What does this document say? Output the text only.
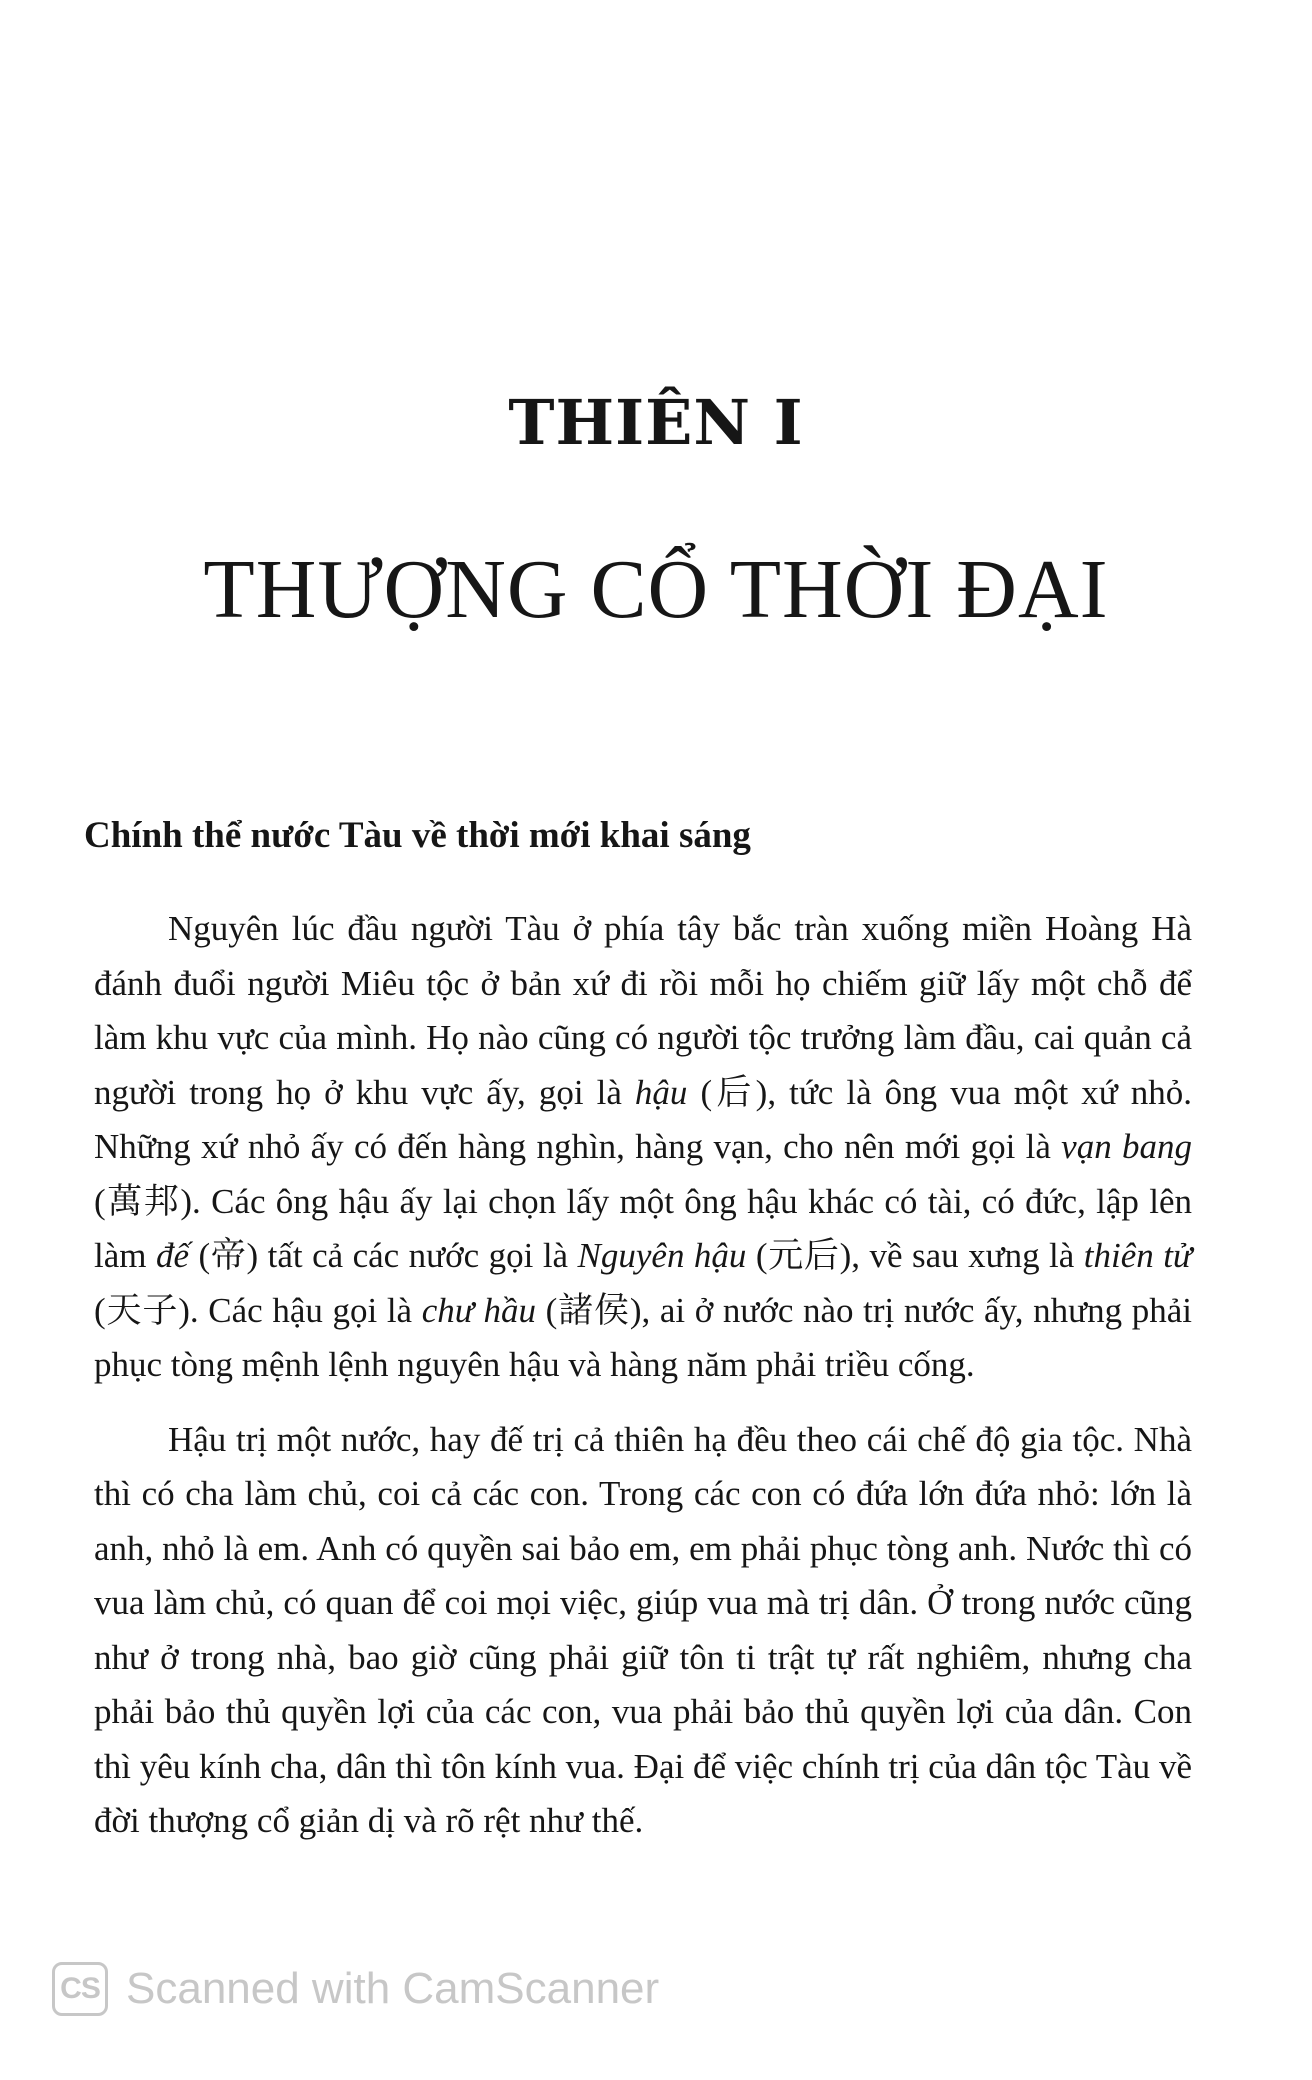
THIÊN I
THƯỢNG CỔ THỜI ĐẠI
Chính thể nước Tàu về thời mới khai sáng

Nguyên lúc đầu người Tàu ở phía tây bắc tràn xuống miền Hoàng Hà đánh đuổi người Miêu tộc ở bản xứ đi rồi mỗi họ chiếm giữ lấy một chỗ để làm khu vực của mình. Họ nào cũng có người tộc trưởng làm đầu, cai quản cả người trong họ ở khu vực ấy, gọi là hậu (后), tức là ông vua một xứ nhỏ. Những xứ nhỏ ấy có đến hàng nghìn, hàng vạn, cho nên mới gọi là vạn bang (萬邦). Các ông hậu ấy lại chọn lấy một ông hậu khác có tài, có đức, lập lên làm đế (帝) tất cả các nước gọi là Nguyên hậu (元后), về sau xưng là thiên tử (天子). Các hậu gọi là chư hầu (諸侯), ai ở nước nào trị nước ấy, nhưng phải phục tòng mệnh lệnh nguyên hậu và hàng năm phải triều cống.

Hậu trị một nước, hay đế trị cả thiên hạ đều theo cái chế độ gia tộc. Nhà thì có cha làm chủ, coi cả các con. Trong các con có đứa lớn đứa nhỏ: lớn là anh, nhỏ là em. Anh có quyền sai bảo em, em phải phục tòng anh. Nước thì có vua làm chủ, có quan để coi mọi việc, giúp vua mà trị dân. Ở trong nước cũng như ở trong nhà, bao giờ cũng phải giữ tôn ti trật tự rất nghiêm, nhưng cha phải bảo thủ quyền lợi của các con, vua phải bảo thủ quyền lợi của dân. Con thì yêu kính cha, dân thì tôn kính vua. Đại để việc chính trị của dân tộc Tàu về đời thượng cổ giản dị và rõ rệt như thế.

CS Scanned with CamScanner
